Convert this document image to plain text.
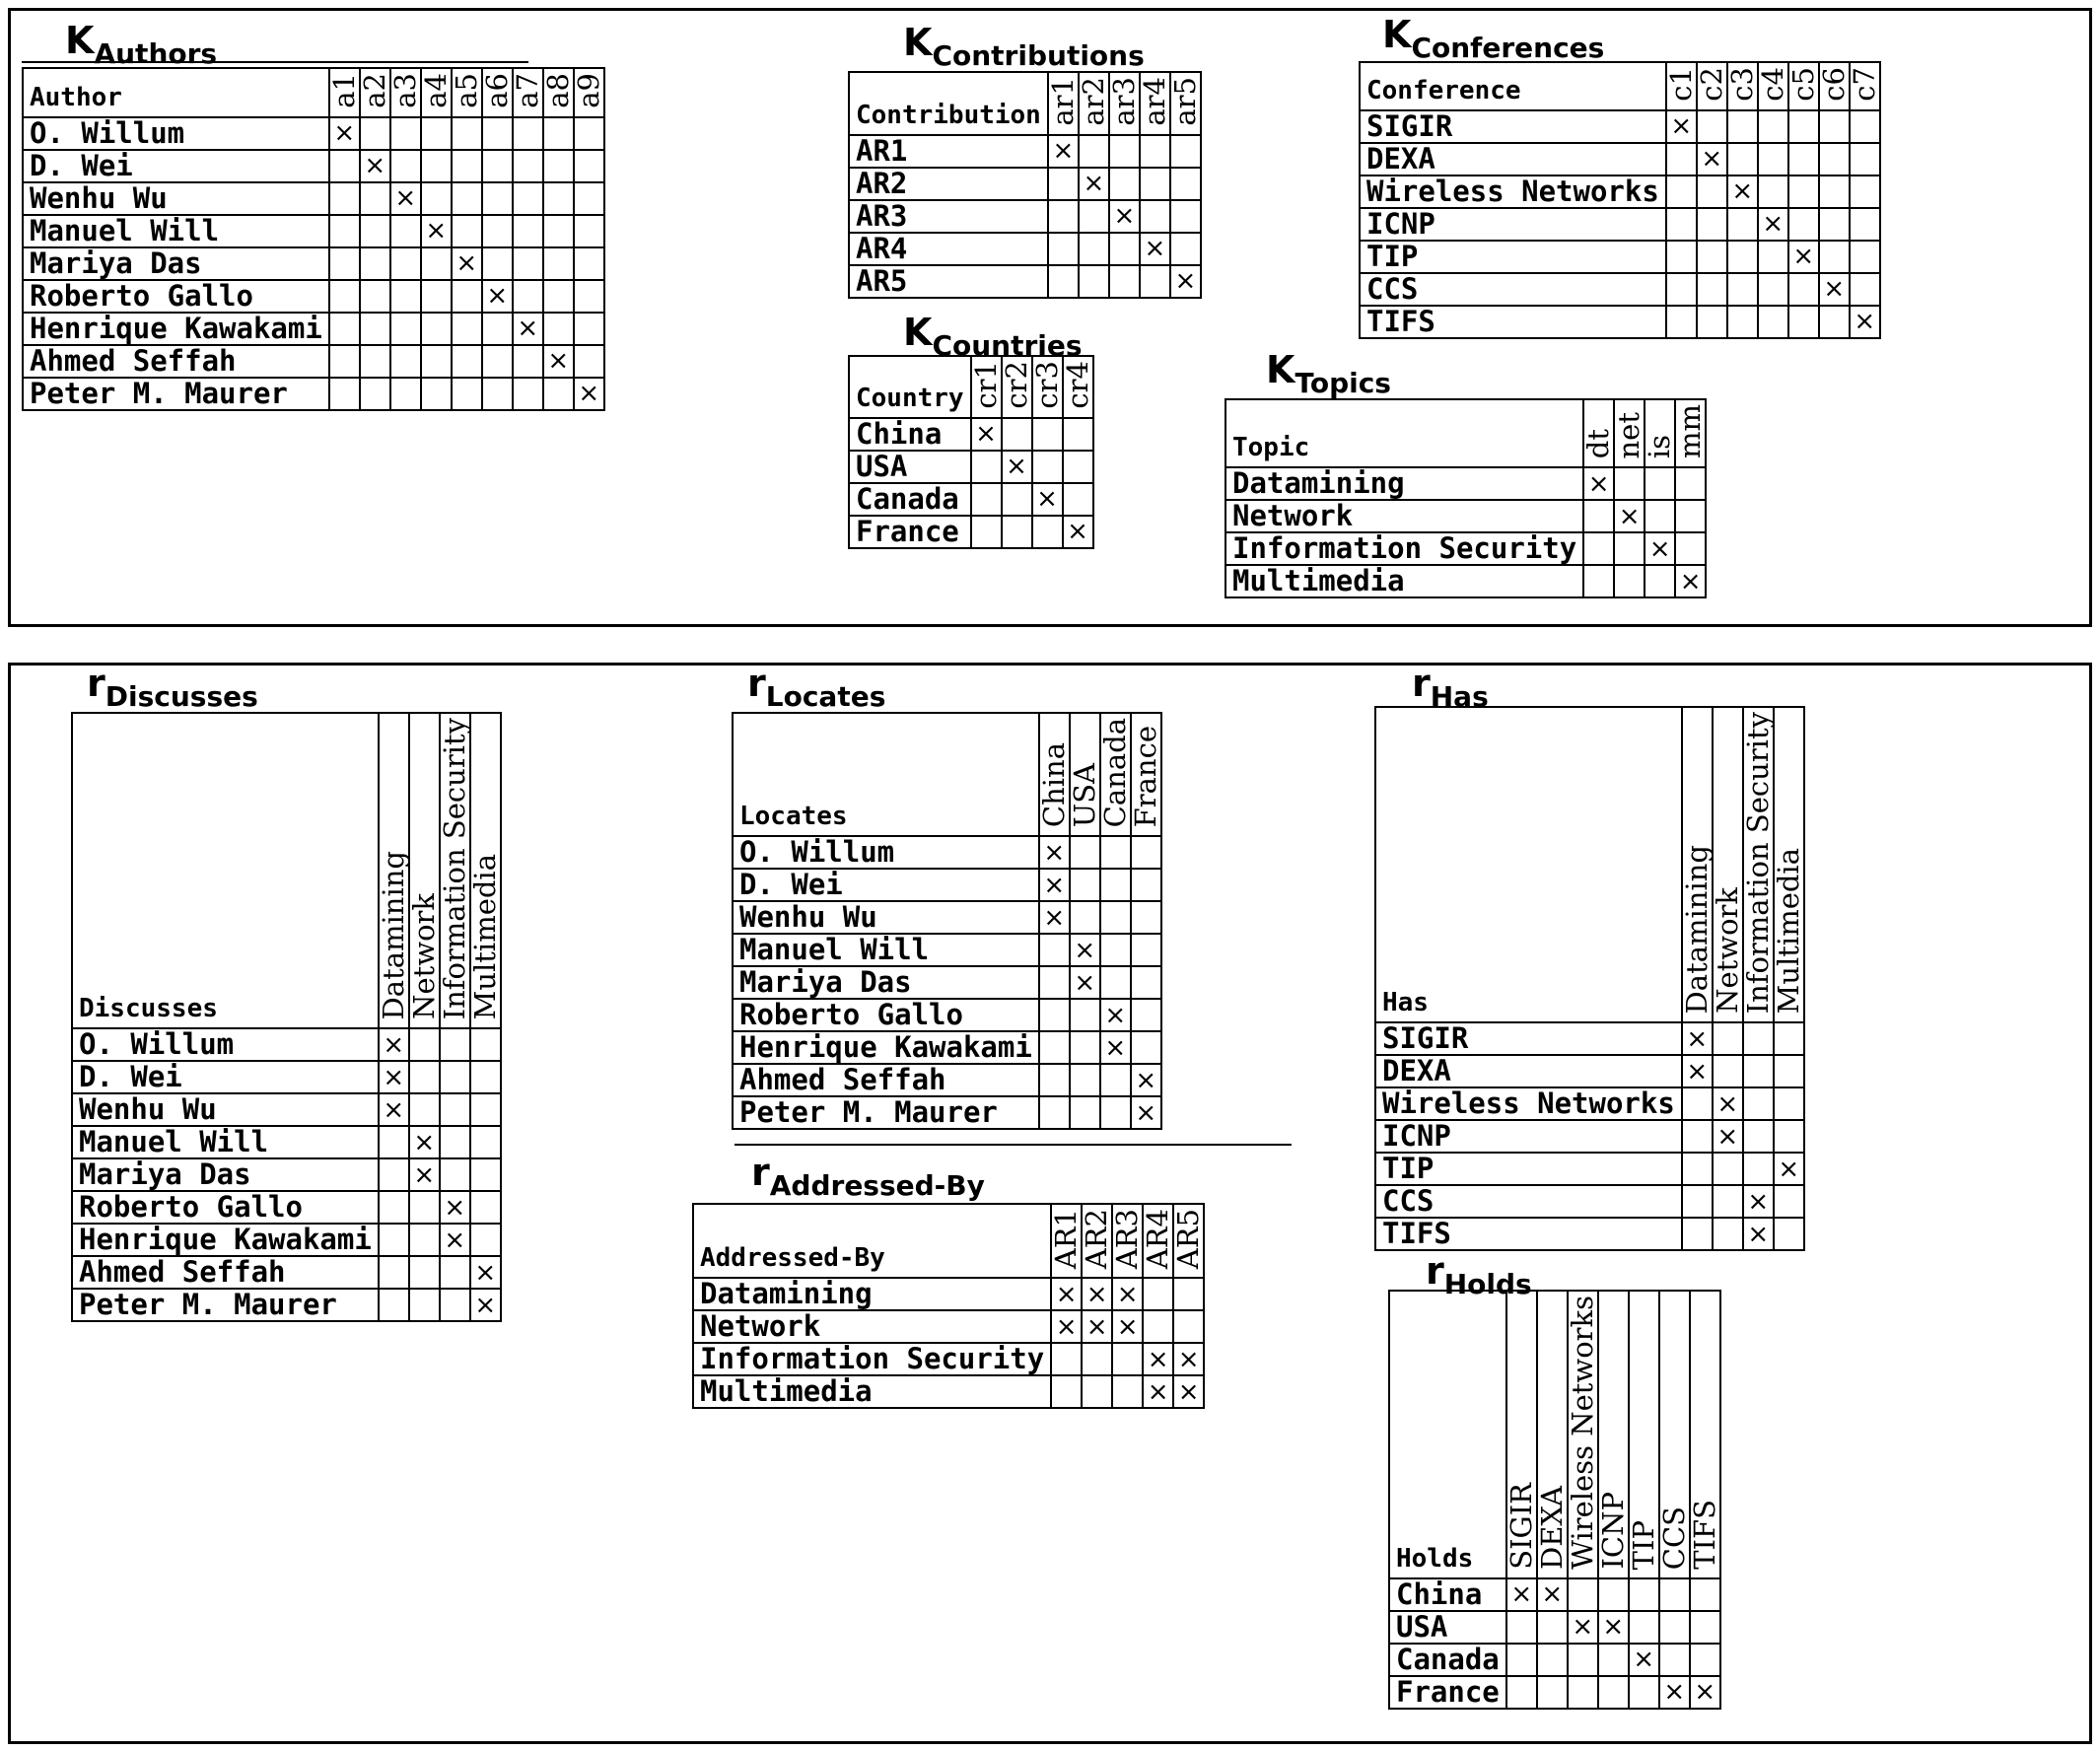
KAuthors
Author	a1	a2	a3	a4	a5	a6	a7	a8	a9
O. Willum	×								
D. Wei		×							
Wenhu Wu			×						
Manuel Will				×					
Mariya Das					×				
Roberto Gallo						×			
Henrique Kawakami							×		
Ahmed Seffah								×	
Peter M. Maurer									×
KContributions
Contribution	ar1	ar2	ar3	ar4	ar5
AR1	×				
AR2		×			
AR3			×		
AR4				×	
AR5					×
KConferences
Conference	c1	c2	c3	c4	c5	c6	c7
SIGIR	×						
DEXA		×					
Wireless Networks			×				
ICNP				×			
TIP					×		
CCS						×	
TIFS							×
KCountries
Country	cr1	cr2	cr3	cr4
China	×			
USA		×		
Canada			×	
France				×
KTopics
Topic	dt	net	is	mm
Datamining	×			
Network		×		
Information Security			×	
Multimedia				×
rDiscusses
Discusses	Datamining	Network	Information Security	Multimedia
O. Willum	×			
D. Wei	×			
Wenhu Wu	×			
Manuel Will		×		
Mariya Das		×		
Roberto Gallo			×	
Henrique Kawakami			×	
Ahmed Seffah				×
Peter M. Maurer				×
rLocates
Locates	China	USA	Canada	France
O. Willum	×			
D. Wei	×			
Wenhu Wu	×			
Manuel Will		×		
Mariya Das		×		
Roberto Gallo			×	
Henrique Kawakami			×	
Ahmed Seffah				×
Peter M. Maurer				×
rHas
Has	Datamining	Network	Information Security	Multimedia
SIGIR	×			
DEXA	×			
Wireless Networks		×		
ICNP		×		
TIP				×
CCS			×	
TIFS			×	
rAddressed-By
Addressed-By	AR1	AR2	AR3	AR4	AR5
Datamining	×	×	×		
Network	×	×	×		
Information Security				×	×
Multimedia				×	×
rHolds
Holds	SIGIR	DEXA	Wireless Networks	ICNP	TIP	CCS	TIFS
China	×	×					
USA			×	×			
Canada					×		
France						×	×
